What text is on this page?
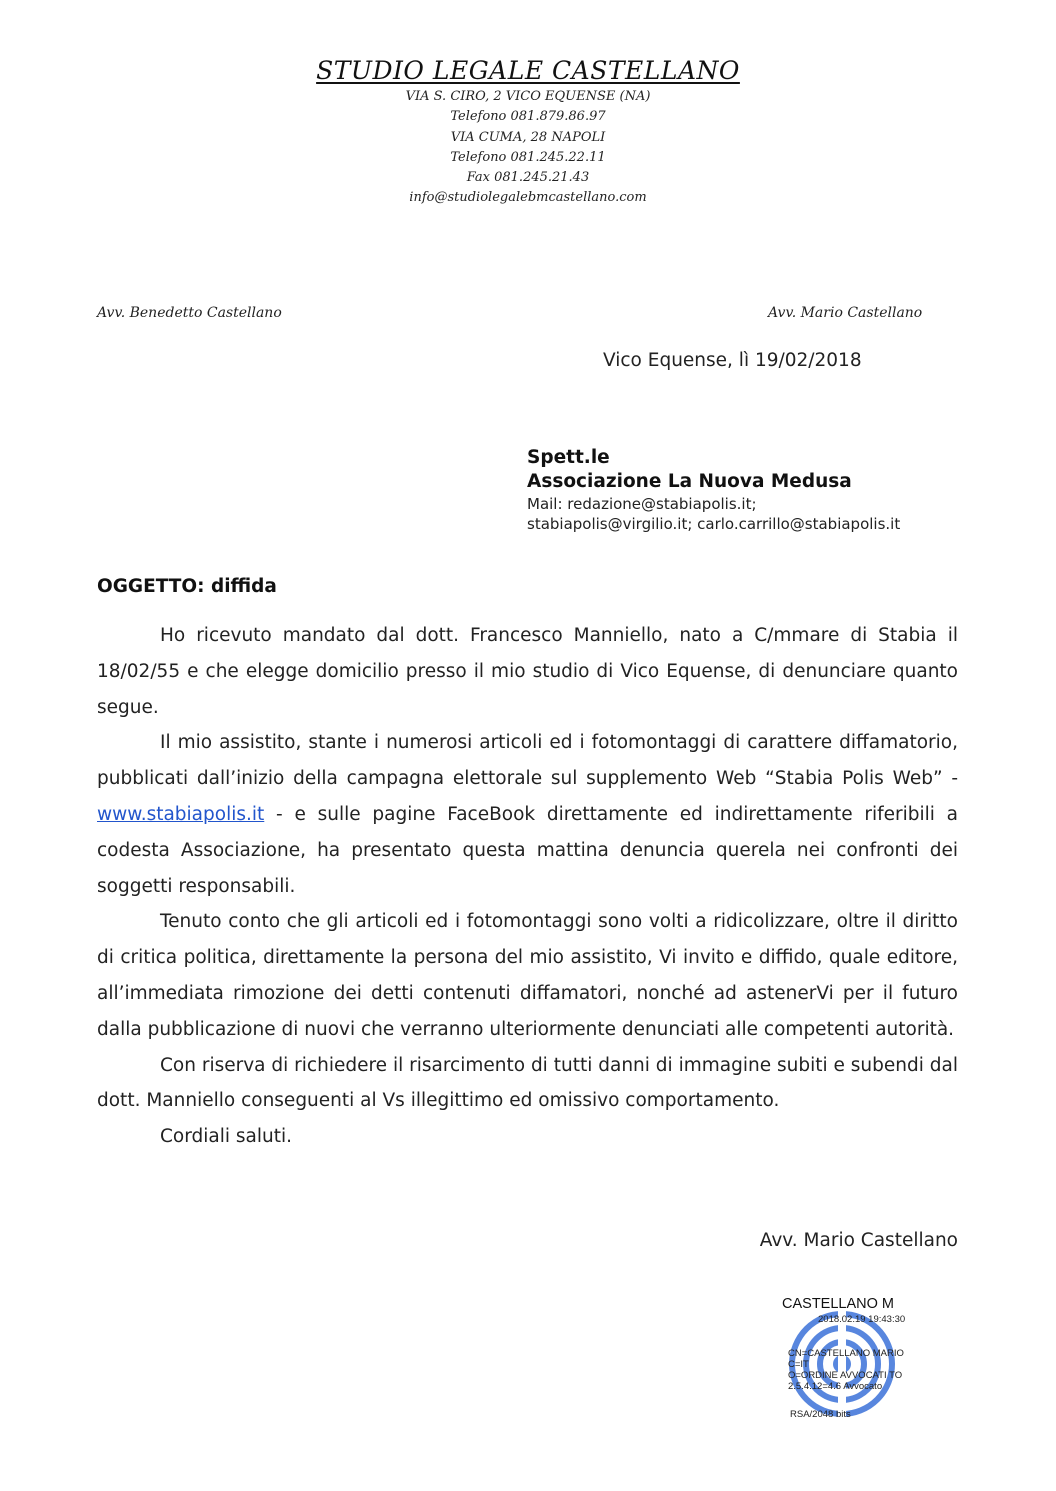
STUDIO LEGALE CASTELLANO
VIA S. CIRO, 2 VICO EQUENSE (NA)
Telefono 081.879.86.97
VIA CUMA, 28 NAPOLI
Telefono 081.245.22.11
Fax 081.245.21.43
info@studiolegalebmcastellano.com
Avv. Benedetto Castellano	Avv. Mario Castellano
Vico Equense, lì 19/02/2018
Spett.le
Associazione La Nuova Medusa
Mail: redazione@stabiapolis.it;
stabiapolis@virgilio.it; carlo.carrillo@stabiapolis.it
OGGETTO: diffida

Ho ricevuto mandato dal dott. Francesco Manniello, nato a C/mmare di Stabia il 18/02/55 e che elegge domicilio presso il mio studio di Vico Equense, di denunciare quanto segue.

Il mio assistito, stante i numerosi articoli ed i fotomontaggi di carattere diffamatorio, pubblicati dall’inizio della campagna elettorale sul supplemento Web “Stabia Polis Web” - www.stabiapolis.it - e sulle pagine FaceBook direttamente ed indirettamente riferibili a codesta Associazione, ha presentato questa mattina denuncia querela nei confronti dei soggetti responsabili.

Tenuto conto che gli articoli ed i fotomontaggi sono volti a ridicolizzare, oltre il diritto di critica politica, direttamente la persona del mio assistito, Vi invito e diffido, quale editore, all’immediata rimozione dei detti contenuti diffamatori, nonché ad astenerVi per il futuro dalla pubblicazione di nuovi che verranno ulteriormente denunciati alle competenti autorità.

Con riserva di richiedere il risarcimento di tutti danni di immagine subiti e subendi dal dott. Manniello conseguenti al Vs illegittimo ed omissivo comportamento.

Cordiali saluti.

Avv. Mario Castellano
CASTELLANO M
2018.02.19 19:43:30
CN=CASTELLANO MARIO
C=IT
O=ORDINE AVVOCATI TO
2.5.4.12=4.6 Avvocato
RSA/2048 bits
